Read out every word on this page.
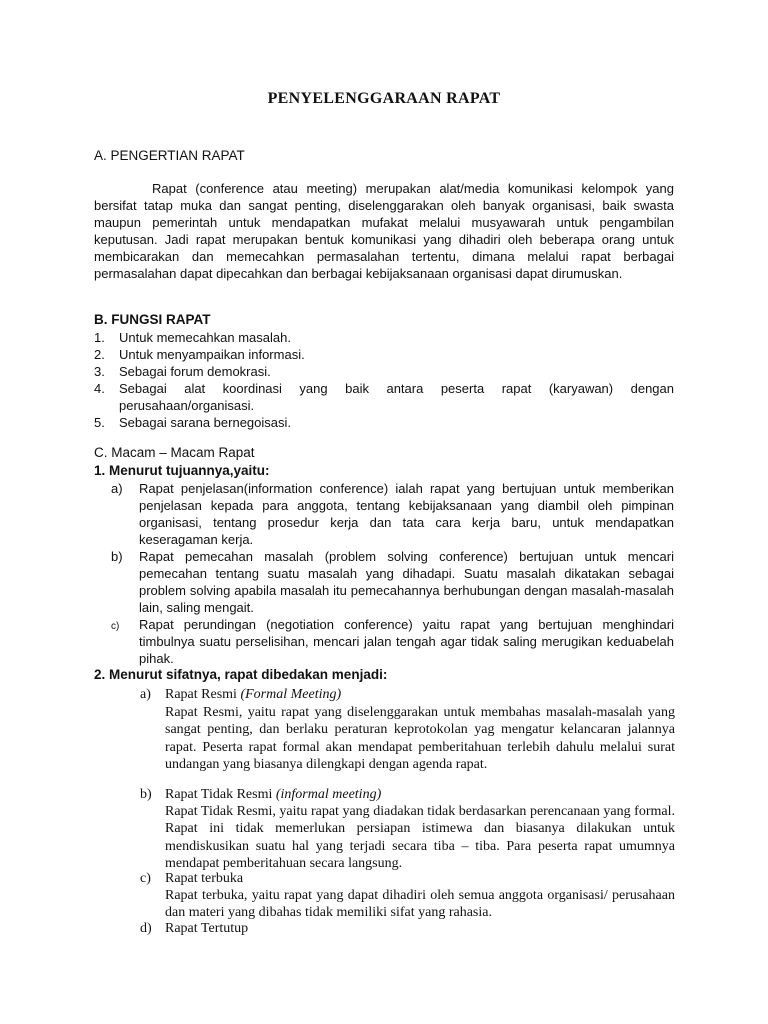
PENYELENGGARAAN RAPAT
A. PENGERTIAN RAPAT
Rapat (conference atau meeting) merupakan alat/media komunikasi kelompok yang bersifat tatap muka dan sangat penting, diselenggarakan oleh banyak organisasi, baik swasta maupun pemerintah untuk mendapatkan mufakat melalui musyawarah untuk pengambilan keputusan. Jadi rapat merupakan bentuk komunikasi yang dihadiri oleh beberapa orang untuk membicarakan dan memecahkan permasalahan tertentu, dimana melalui rapat berbagai permasalahan dapat dipecahkan dan berbagai kebijaksanaan organisasi dapat dirumuskan.
B. FUNGSI RAPAT
1. Untuk memecahkan masalah.
2. Untuk menyampaikan informasi.
3. Sebagai forum demokrasi.
4. Sebagai alat koordinasi yang baik antara peserta rapat (karyawan) dengan perusahaan/organisasi.
5. Sebagai sarana bernegoisasi.
C. Macam – Macam Rapat
1. Menurut tujuannya,yaitu:
a) Rapat penjelasan(information conference) ialah rapat yang bertujuan untuk memberikan penjelasan kepada para anggota, tentang kebijaksanaan yang diambil oleh pimpinan organisasi, tentang prosedur kerja dan tata cara kerja baru, untuk mendapatkan keseragaman kerja.
b) Rapat pemecahan masalah (problem solving conference) bertujuan untuk mencari pemecahan tentang suatu masalah yang dihadapi. Suatu masalah dikatakan sebagai problem solving apabila masalah itu pemecahannya berhubungan dengan masalah-masalah lain, saling mengait.
c) Rapat perundingan (negotiation conference) yaitu rapat yang bertujuan menghindari timbulnya suatu perselisihan, mencari jalan tengah agar tidak saling merugikan keduabelah pihak.
2. Menurut sifatnya, rapat dibedakan menjadi:
a) Rapat Resmi (Formal Meeting)
Rapat Resmi, yaitu rapat yang diselenggarakan untuk membahas masalah-masalah yang sangat penting, dan berlaku peraturan keprotokolan yag mengatur kelancaran jalannya rapat. Peserta rapat formal akan mendapat pemberitahuan terlebih dahulu melalui surat undangan yang biasanya dilengkapi dengan agenda rapat.
b) Rapat Tidak Resmi (informal meeting)
Rapat Tidak Resmi, yaitu rapat yang diadakan tidak berdasarkan perencanaan yang formal. Rapat ini tidak memerlukan persiapan istimewa dan biasanya dilakukan untuk mendiskusikan suatu hal yang terjadi secara tiba – tiba. Para peserta rapat umumnya mendapat pemberitahuan secara langsung.
c) Rapat terbuka
Rapat terbuka, yaitu rapat yang dapat dihadiri oleh semua anggota organisasi/ perusahaan dan materi yang dibahas tidak memiliki sifat yang rahasia.
d) Rapat Tertutup
